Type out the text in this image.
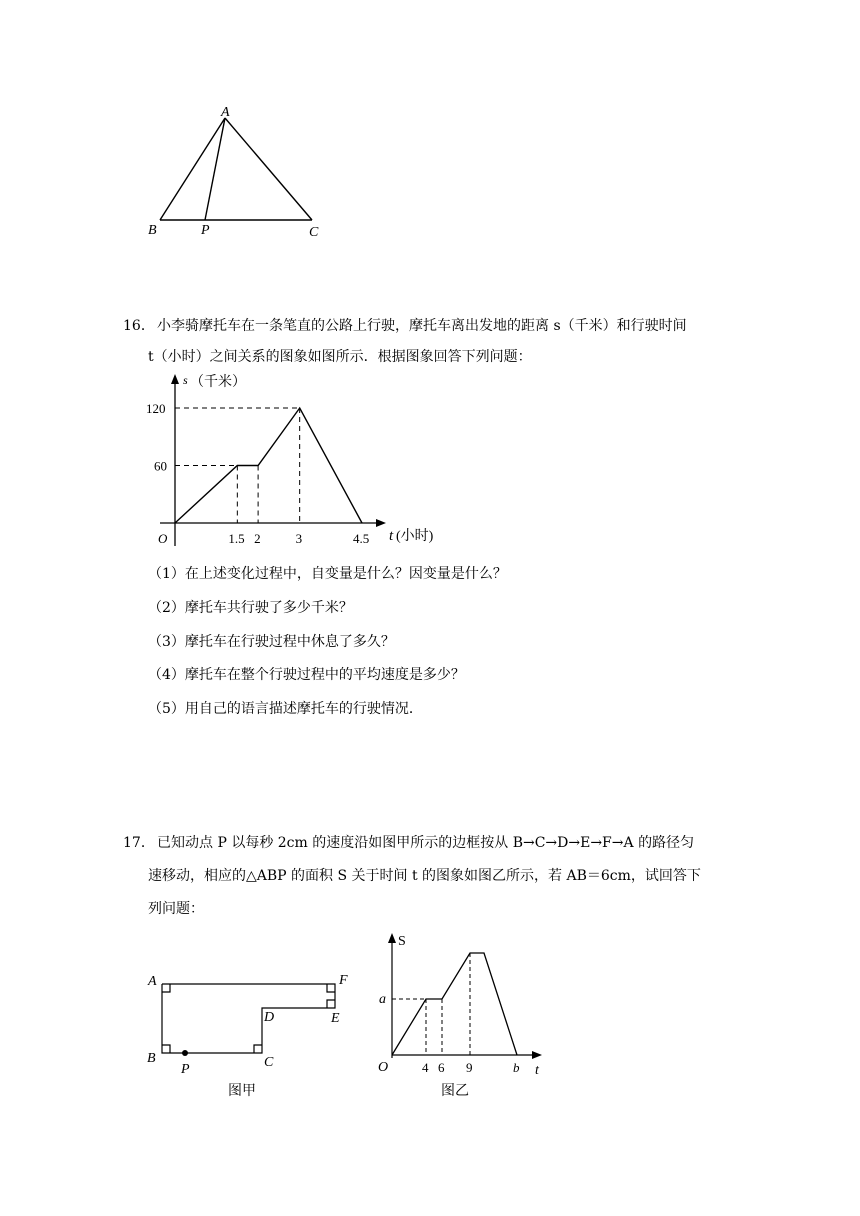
A
B	P	C
1.5 2	3	4.5
120
60
O
s （千米）
t (小时)
A	F
D	E
B
P	C
图甲
S
t
O
a
4 6 9	b
图乙
16． 小李骑摩托车在一条笔直的公路上行驶，摩托车离出发地的距离 s（千米）和行驶时间
t（小时）之间关系的图象如图所示．根据图象回答下列问题：
（1）在上述变化过程中，自变量是什么？因变量是什么？
（2）摩托车共行驶了多少千米？
（3）摩托车在行驶过程中休息了多久？
（4）摩托车在整个行驶过程中的平均速度是多少？
（5）用自己的语言描述摩托车的行驶情况．
17． 已知动点 P 以每秒 2cm 的速度沿如图甲所示的边框按从 B→C→D→E→F→A 的路径匀
速移动，相应的△ABP 的面积 S 关于时间 t 的图象如图乙所示，若 AB＝6cm，试回答下
列问题：
